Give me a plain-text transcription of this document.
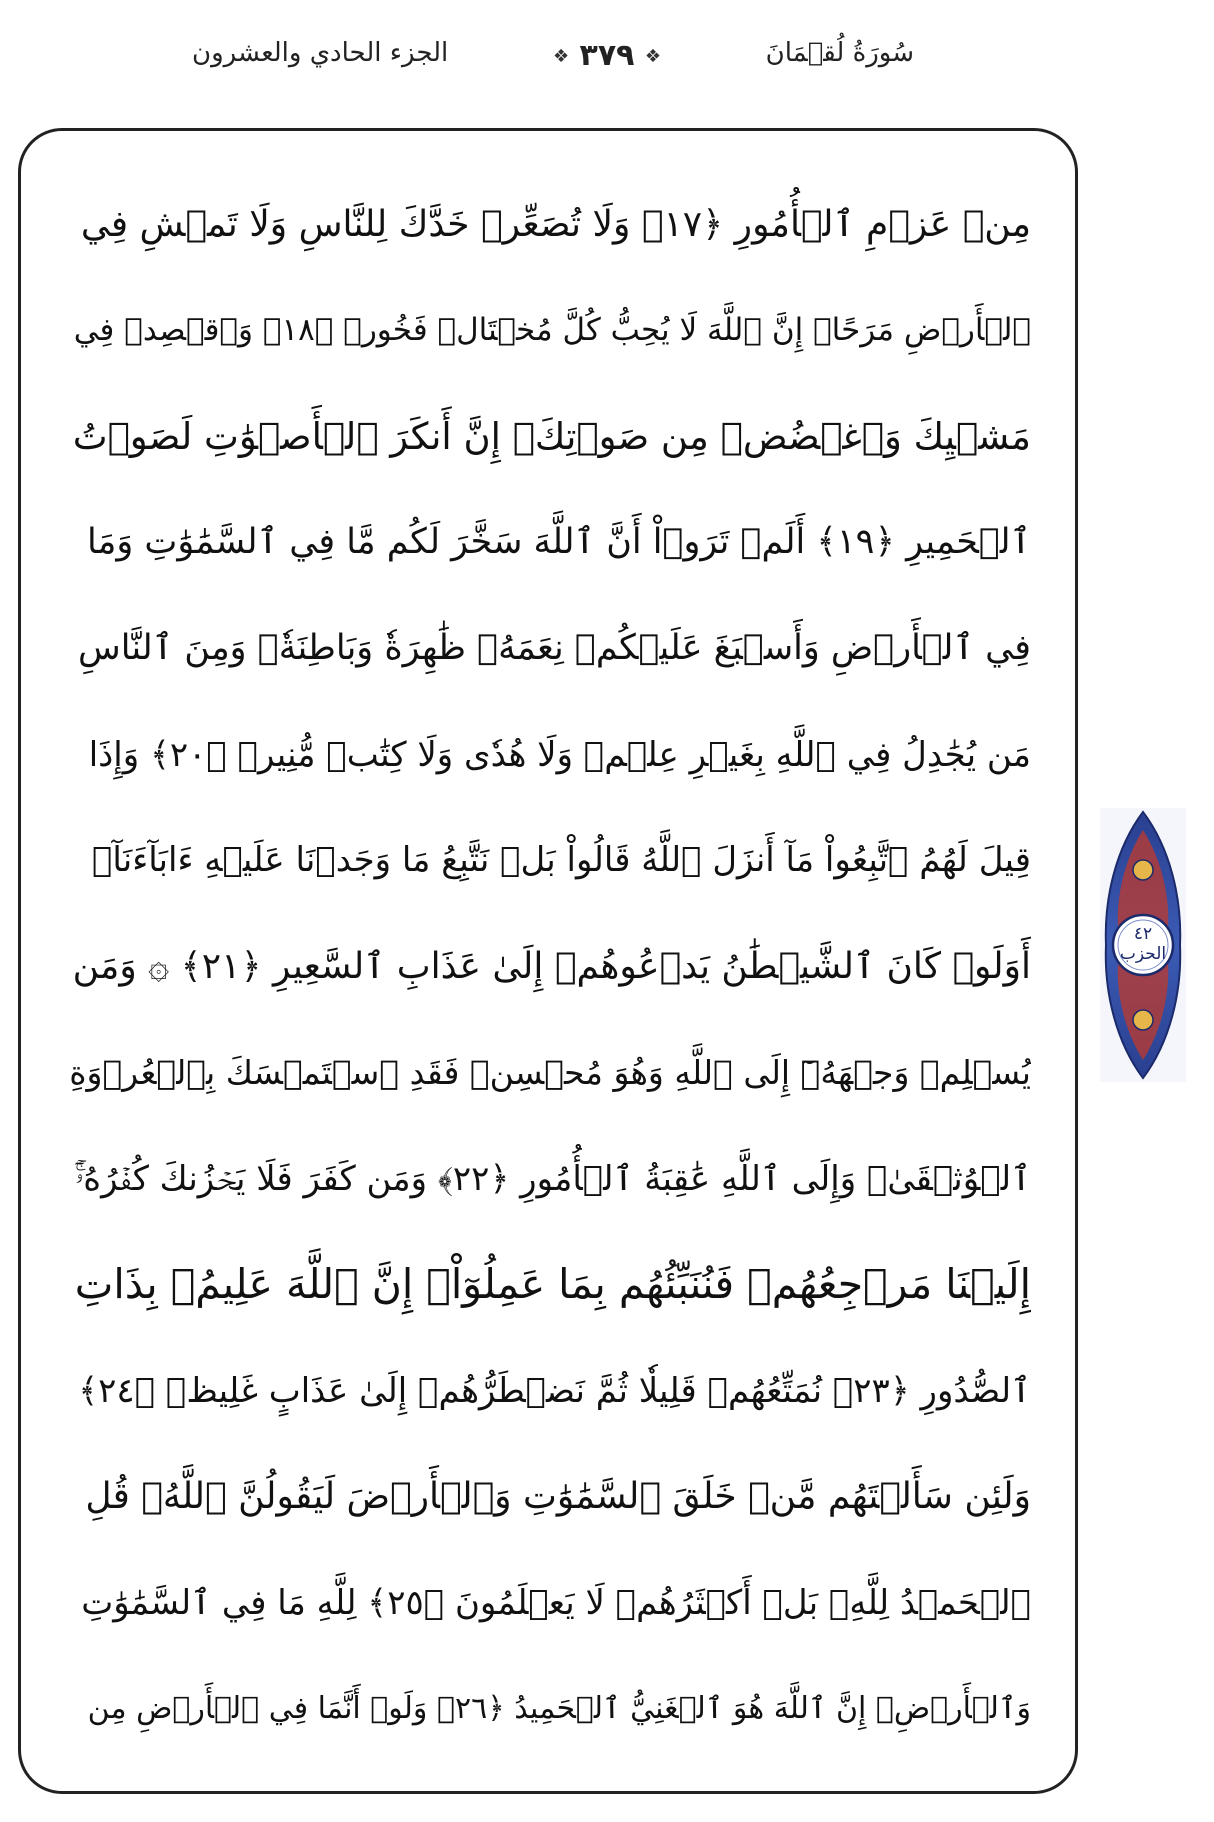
سُورَةُ لُقۡمَانَ
❖ ٣٧٩ ❖
الجزء الحادي والعشرون
مِنۡ عَزۡمِ ٱلۡأُمُورِ ﴿١٧﴾ وَلَا تُصَعِّرۡ خَدَّكَ لِلنَّاسِ وَلَا تَمۡشِ فِي
ٱلۡأَرۡضِ مَرَحًاۖ إِنَّ ٱللَّهَ لَا يُحِبُّ كُلَّ مُخۡتَالٖ فَخُورٖ ﴿١٨﴾ وَٱقۡصِدۡ فِي
مَشۡيِكَ وَٱغۡضُضۡ مِن صَوۡتِكَۚ إِنَّ أَنكَرَ ٱلۡأَصۡوَٰتِ لَصَوۡتُ
ٱلۡحَمِيرِ ﴿١٩﴾ أَلَمۡ تَرَوۡاْ أَنَّ ٱللَّهَ سَخَّرَ لَكُم مَّا فِي ٱلسَّمَٰوَٰتِ وَمَا
فِي ٱلۡأَرۡضِ وَأَسۡبَغَ عَلَيۡكُمۡ نِعَمَهُۥ ظَٰهِرَةٗ وَبَاطِنَةٗۗ وَمِنَ ٱلنَّاسِ
مَن يُجَٰدِلُ فِي ٱللَّهِ بِغَيۡرِ عِلۡمٖ وَلَا هُدٗى وَلَا كِتَٰبٖ مُّنِيرٖ ﴿٢٠﴾ وَإِذَا
قِيلَ لَهُمُ ٱتَّبِعُواْ مَآ أَنزَلَ ٱللَّهُ قَالُواْ بَلۡ نَتَّبِعُ مَا وَجَدۡنَا عَلَيۡهِ ءَابَآءَنَآۚ
أَوَلَوۡ كَانَ ٱلشَّيۡطَٰنُ يَدۡعُوهُمۡ إِلَىٰ عَذَابِ ٱلسَّعِيرِ ﴿٢١﴾ ۞ وَمَن
يُسۡلِمۡ وَجۡهَهُۥٓ إِلَى ٱللَّهِ وَهُوَ مُحۡسِنٞ فَقَدِ ٱسۡتَمۡسَكَ بِٱلۡعُرۡوَةِ
ٱلۡوُثۡقَىٰۗ وَإِلَى ٱللَّهِ عَٰقِبَةُ ٱلۡأُمُورِ ﴿٢٢﴾ وَمَن كَفَرَ فَلَا يَحۡزُنكَ كُفۡرُهُۥٓۚ
إِلَيۡنَا مَرۡجِعُهُمۡ فَنُنَبِّئُهُم بِمَا عَمِلُوٓاْۚ إِنَّ ٱللَّهَ عَلِيمُۢ بِذَاتِ
ٱلصُّدُورِ ﴿٢٣﴾ نُمَتِّعُهُمۡ قَلِيلٗا ثُمَّ نَضۡطَرُّهُمۡ إِلَىٰ عَذَابٍ غَلِيظٖ ﴿٢٤﴾
وَلَئِن سَأَلۡتَهُم مَّنۡ خَلَقَ ٱلسَّمَٰوَٰتِ وَٱلۡأَرۡضَ لَيَقُولُنَّ ٱللَّهُۚ قُلِ
ٱلۡحَمۡدُ لِلَّهِۚ بَلۡ أَكۡثَرُهُمۡ لَا يَعۡلَمُونَ ﴿٢٥﴾ لِلَّهِ مَا فِي ٱلسَّمَٰوَٰتِ
وَٱلۡأَرۡضِۚ إِنَّ ٱللَّهَ هُوَ ٱلۡغَنِيُّ ٱلۡحَمِيدُ ﴿٢٦﴾ وَلَوۡ أَنَّمَا فِي ٱلۡأَرۡضِ مِن
٤٢
الحزب
